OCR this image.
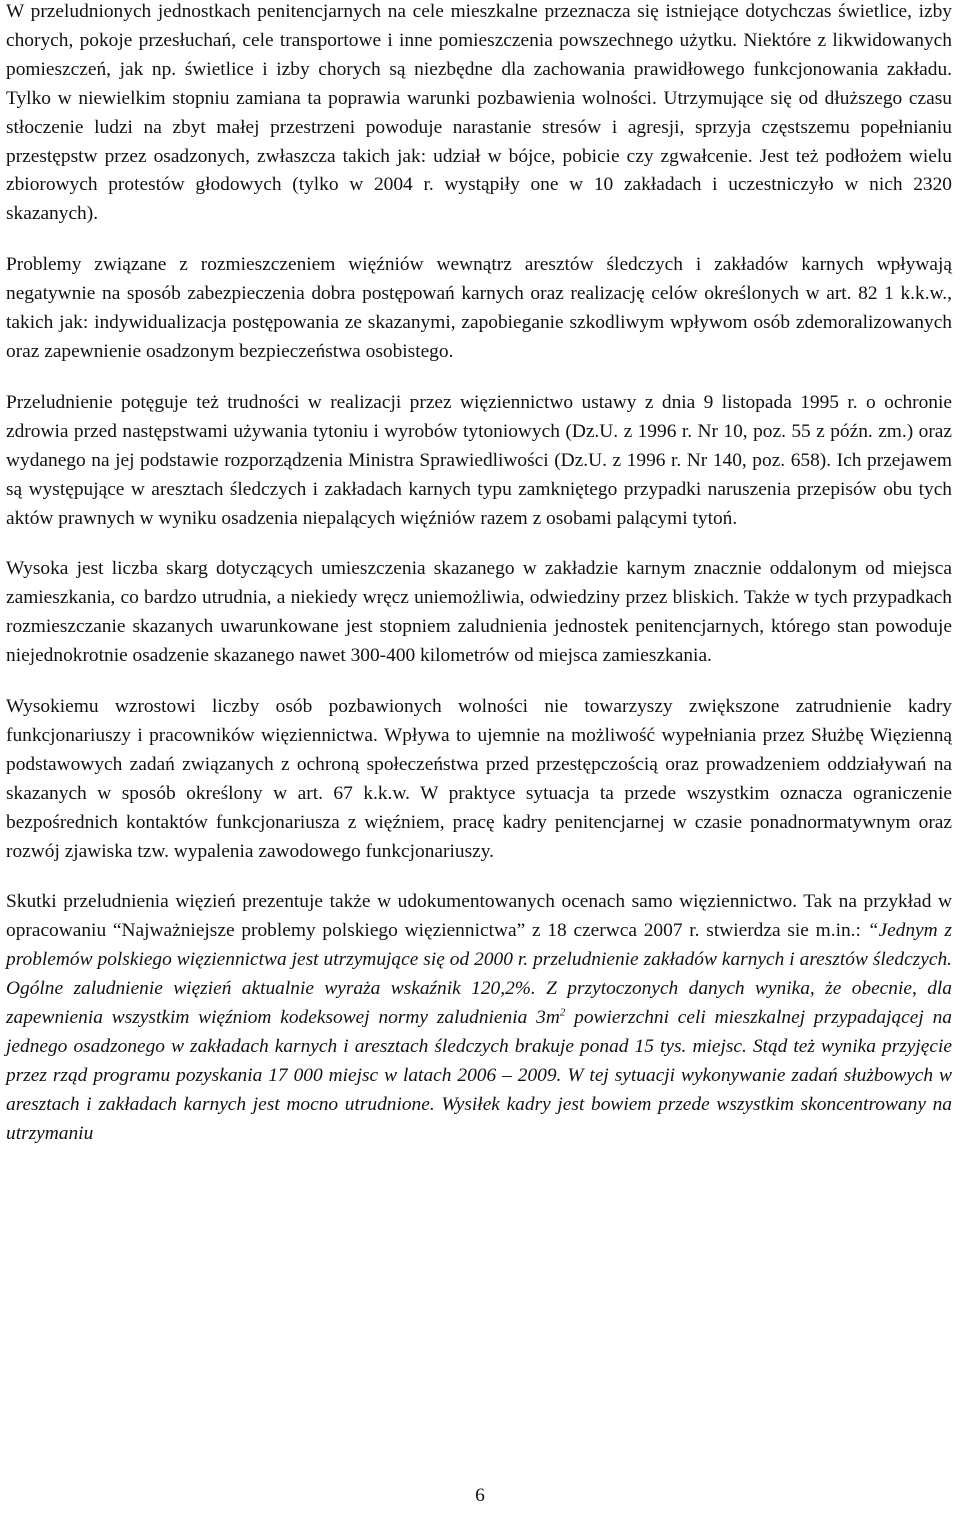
W przeludnionych jednostkach penitencjarnych na cele mieszkalne przeznacza się istniejące dotychczas świetlice, izby chorych, pokoje przesłuchań, cele transportowe i inne pomieszczenia powszechnego użytku. Niektóre z likwidowanych pomieszczeń, jak np. świetlice i izby chorych są niezbędne dla zachowania prawidłowego funkcjonowania zakładu. Tylko w niewielkim stopniu zamiana ta poprawia warunki pozbawienia wolności. Utrzymujące się od dłuższego czasu stłoczenie ludzi na zbyt małej przestrzeni powoduje narastanie stresów i agresji, sprzyja częstszemu popełnianiu przestępstw przez osadzonych, zwłaszcza takich jak: udział w bójce, pobicie czy zgwałcenie. Jest też podłożem wielu zbiorowych protestów głodowych (tylko w 2004 r. wystąpiły one w 10 zakładach i uczestniczyło w nich 2320 skazanych).

Problemy związane z rozmieszczeniem więźniów wewnątrz aresztów śledczych i zakładów karnych wpływają negatywnie na sposób zabezpieczenia dobra postępowań karnych oraz realizację celów określonych w art. 82 1 k.k.w., takich jak: indywidualizacja postępowania ze skazanymi, zapobieganie szkodliwym wpływom osób zdemoralizowanych oraz zapewnienie osadzonym bezpieczeństwa osobistego.

Przeludnienie potęguje też trudności w realizacji przez więziennictwo ustawy z dnia 9 listopada 1995 r. o ochronie zdrowia przed następstwami używania tytoniu i wyrobów tytoniowych (Dz.U. z 1996 r. Nr 10, poz. 55 z późn. zm.) oraz wydanego na jej podstawie rozporządzenia Ministra Sprawiedliwości (Dz.U. z 1996 r. Nr 140, poz. 658). Ich przejawem są występujące w aresztach śledczych i zakładach karnych typu zamkniętego przypadki naruszenia przepisów obu tych aktów prawnych w wyniku osadzenia niepalących więźniów razem z osobami palącymi tytoń.

Wysoka jest liczba skarg dotyczących umieszczenia skazanego w zakładzie karnym znacznie oddalonym od miejsca zamieszkania, co bardzo utrudnia, a niekiedy wręcz uniemożliwia, odwiedziny przez bliskich. Także w tych przypadkach rozmieszczanie skazanych uwarunkowane jest stopniem zaludnienia jednostek penitencjarnych, którego stan powoduje niejednokrotnie osadzenie skazanego nawet 300-400 kilometrów od miejsca zamieszkania.

Wysokiemu wzrostowi liczby osób pozbawionych wolności nie towarzyszy zwiększone zatrudnienie kadry funkcjonariuszy i pracowników więziennictwa. Wpływa to ujemnie na możliwość wypełniania przez Służbę Więzienną podstawowych zadań związanych z ochroną społeczeństwa przed przestępczością oraz prowadzeniem oddziaływań na skazanych w sposób określony w art. 67 k.k.w. W praktyce sytuacja ta przede wszystkim oznacza ograniczenie bezpośrednich kontaktów funkcjonariusza z więźniem, pracę kadry penitencjarnej w czasie ponadnormatywnym oraz rozwój zjawiska tzw. wypalenia zawodowego funkcjonariuszy.

Skutki przeludnienia więzień prezentuje także w udokumentowanych ocenach samo więziennictwo. Tak na przykład w opracowaniu “Najważniejsze problemy polskiego więziennictwa” z 18 czerwca 2007 r. stwierdza sie m.in.: “Jednym z problemów polskiego więziennictwa jest utrzymujące się od 2000 r. przeludnienie zakładów karnych i aresztów śledczych. Ogólne zaludnienie więzień aktualnie wyraża wskaźnik 120,2%. Z przytoczonych danych wynika, że obecnie, dla zapewnienia wszystkim więźniom kodeksowej normy zaludnienia $3m^2$ powierzchni celi mieszkalnej przypadającej na jednego osadzonego w zakładach karnych i aresztach śledczych brakuje ponad 15 tys. miejsc. Stąd też wynika przyjęcie przez rząd programu pozyskania 17 000 miejsc w latach 2006 – 2009. W tej sytuacji wykonywanie zadań służbowych w aresztach i zakładach karnych jest mocno utrudnione. Wysiłek kadry jest bowiem przede wszystkim skoncentrowany na utrzymaniu

6
